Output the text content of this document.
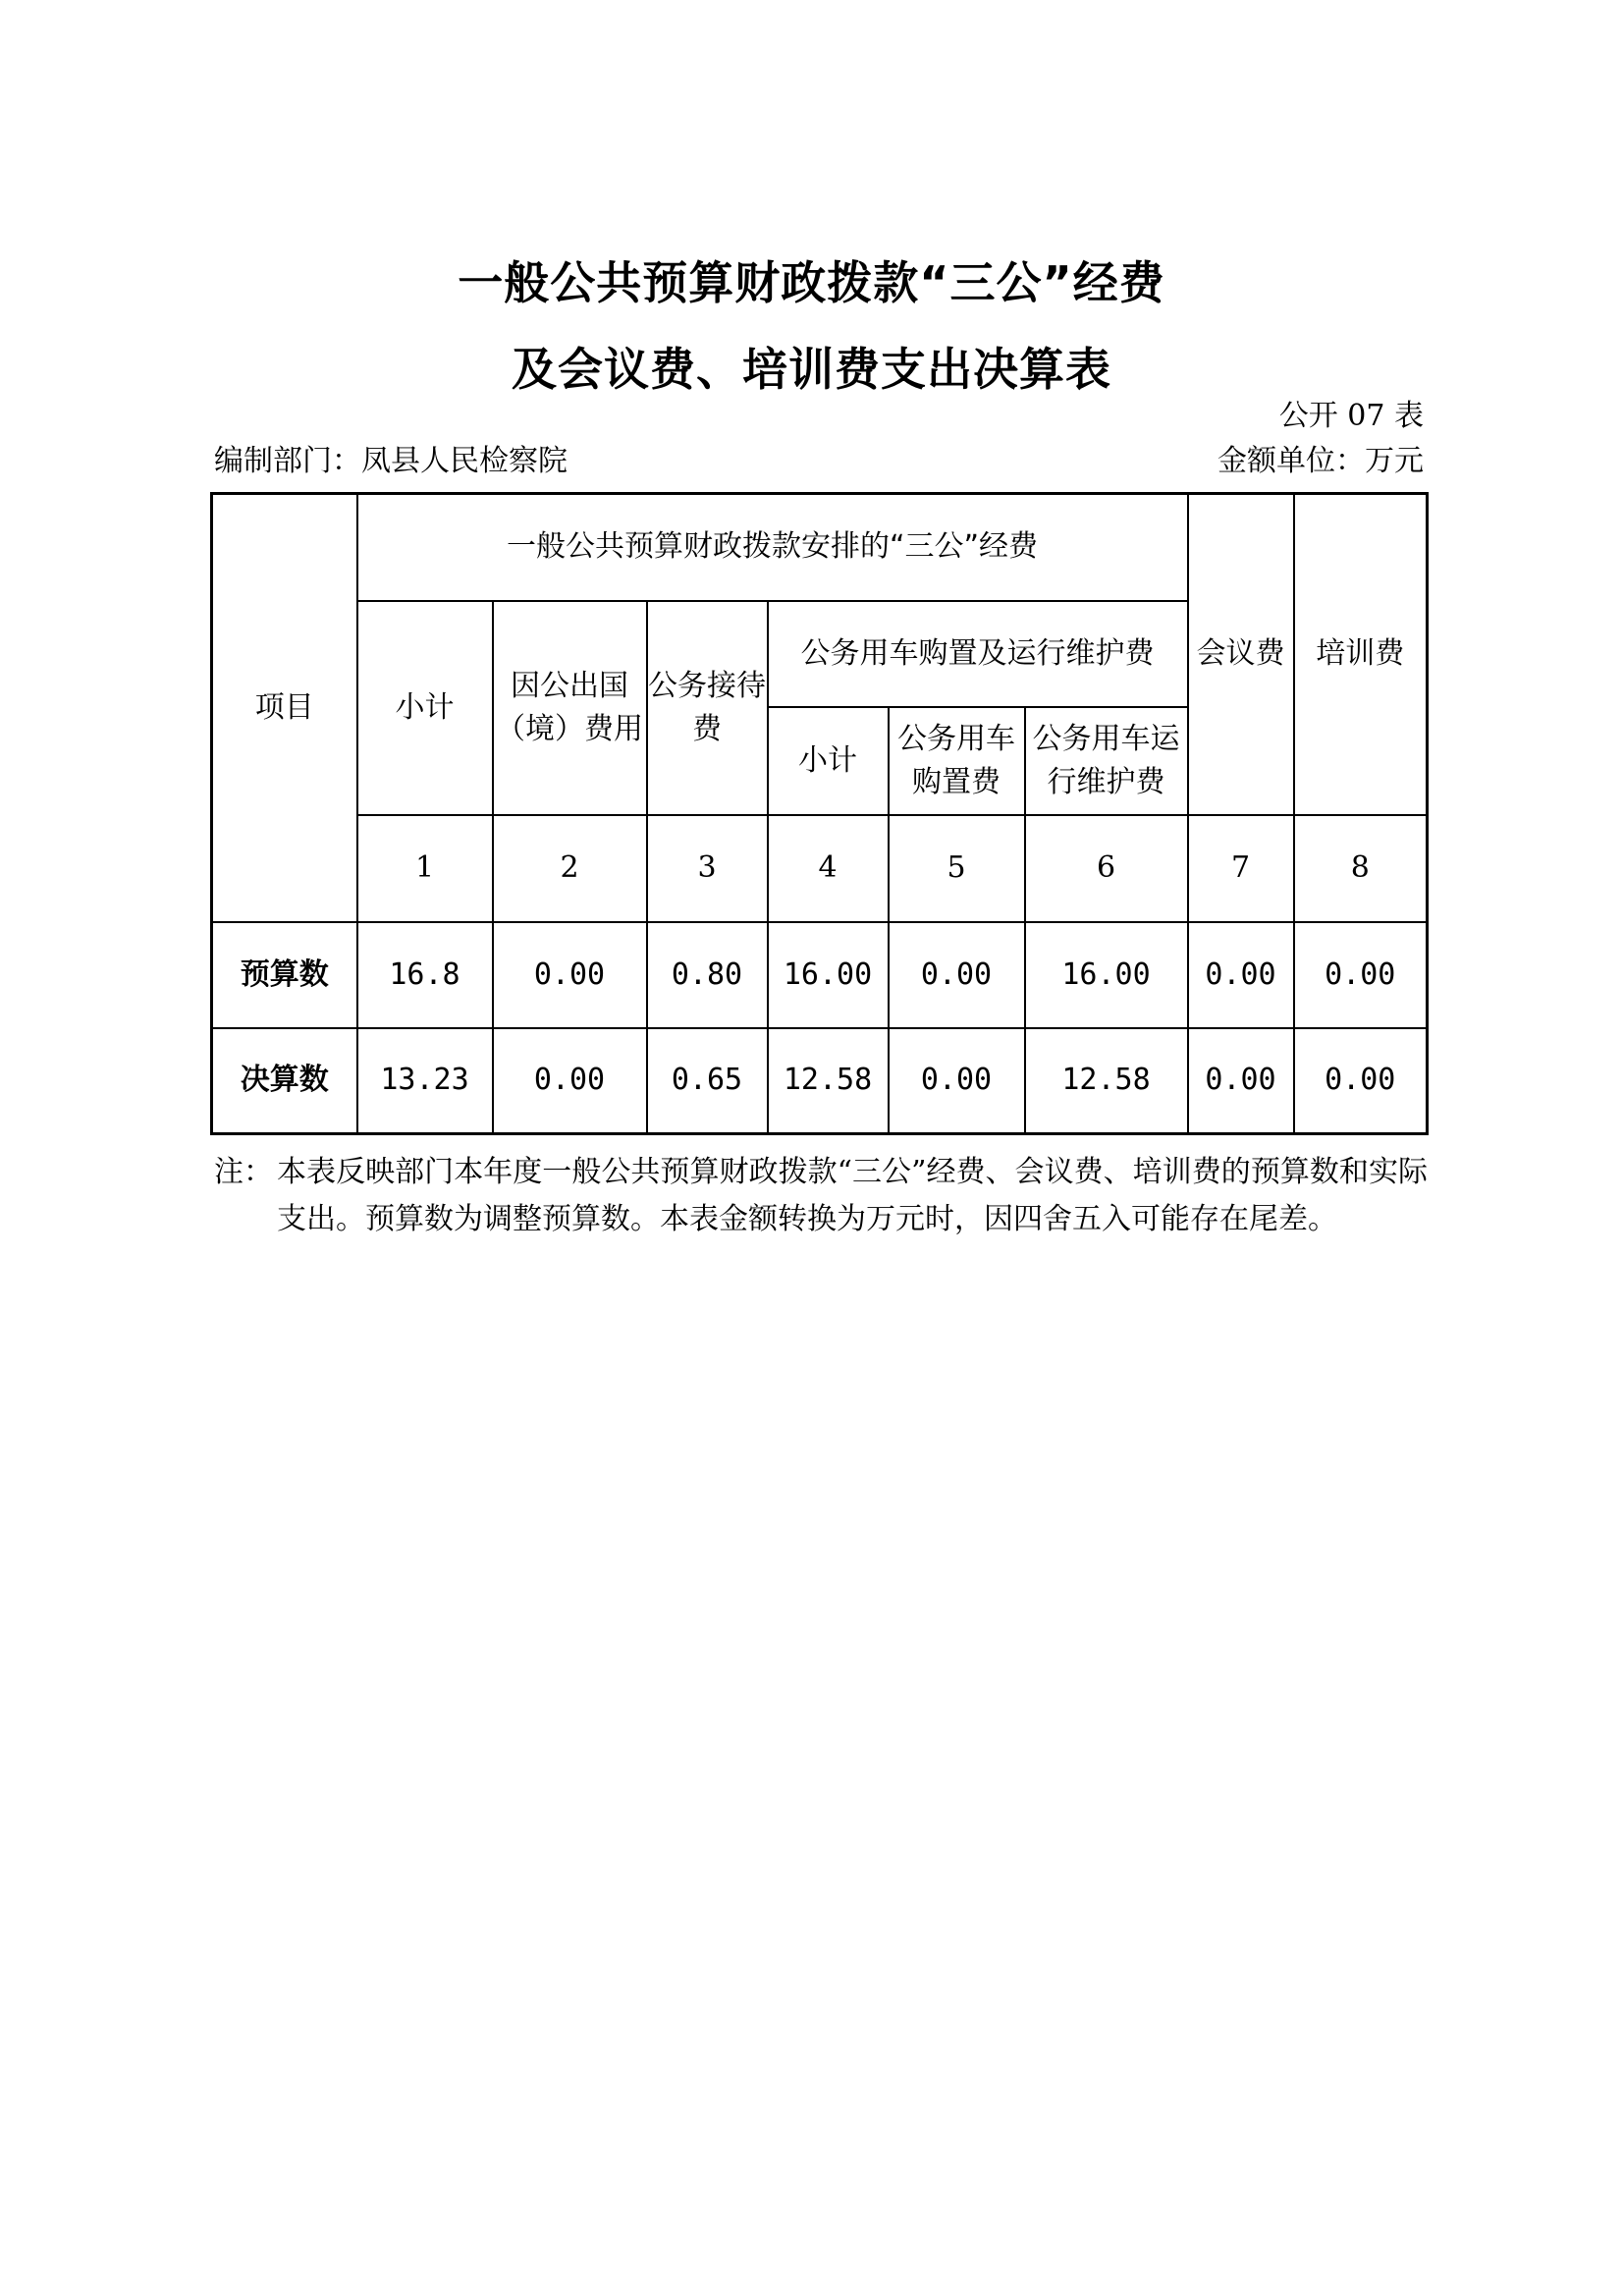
一般公共预算财政拨款“三公”经费
及会议费、培训费支出决算表
公开 07 表
编制部门：凤县人民检察院	金额单位：万元
项目	一般公共预算财政拨款安排的“三公”经费						会议费	培训费
	小计	因公出国（境）费用	公务接待费	公务用车购置及运行维护费				
				小计	公务用车购置费	公务用车运行维护费		
	1	2	3	4	5	6	7	8
预算数	16.8	0.00	0.80	16.00	0.00	16.00	0.00	0.00
决算数	13.23	0.00	0.65	12.58	0.00	12.58	0.00	0.00
注： 本表反映部门本年度一般公共预算财政拨款“三公”经费、会议费、培训费的预算数和实际支出。预算数为调整预算数。本表金额转换为万元时，因四舍五入可能存在尾差。
